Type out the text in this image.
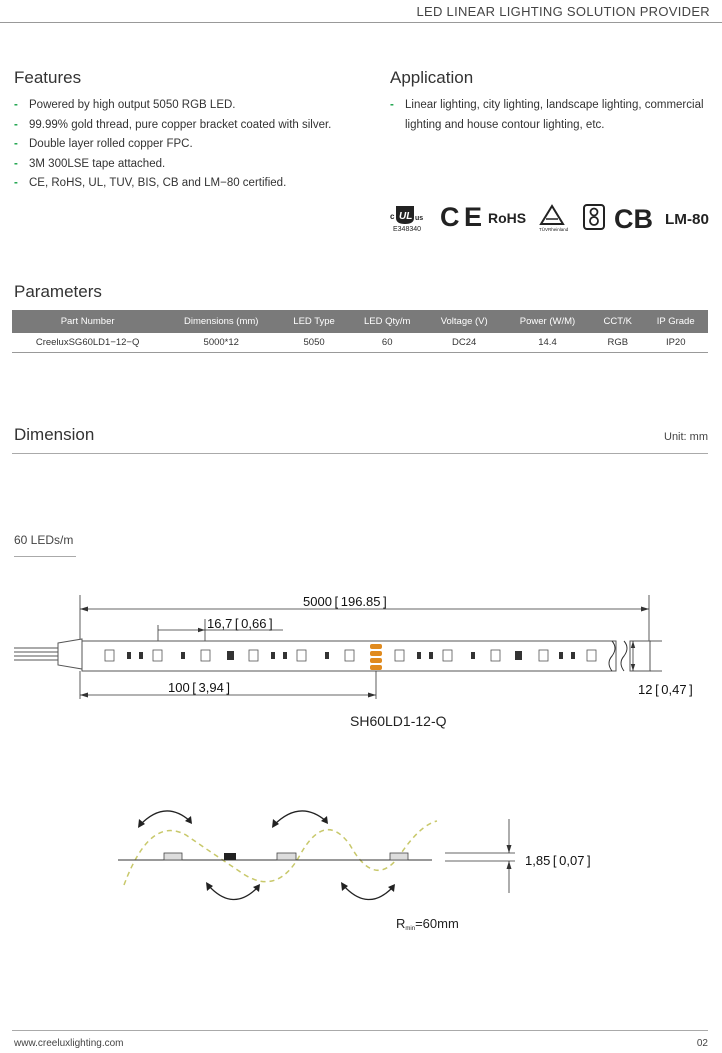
LED LINEAR LIGHTING SOLUTION PROVIDER
Features
- Powered by high output 5050 RGB LED.
- 99.99% gold thread, pure copper bracket coated with silver.
- Double layer rolled copper FPC.
- 3M 300LSE tape attached.
- CE, RoHS, UL, TUV, BIS, CB and LM−80 certified.
Application
- Linear lighting, city lighting, landscape lighting, commercial lighting and house contour lighting, etc.
c UL us
E348340 CE RoHS
TÜVRheinland CB LM-80
Parameters
Part Number	Dimensions (mm)	LED Type	LED Qty/m	Voltage (V)	Power (W/M)	CCT/K	IP Grade
CreeluxSG60LD1−12−Q	5000*12	5050	60	DC24	14.4	RGB	IP20
Dimension	Unit: mm
60 LEDs/m
5000 [ 196.85 ]
16,7 [ 0,66 ]
100 [ 3,94 ]	12 [ 0,47 ]
SH60LD1-12-Q
1,85 [ 0,07 ]
Rmin=60mm
www.creeluxlighting.com	02
